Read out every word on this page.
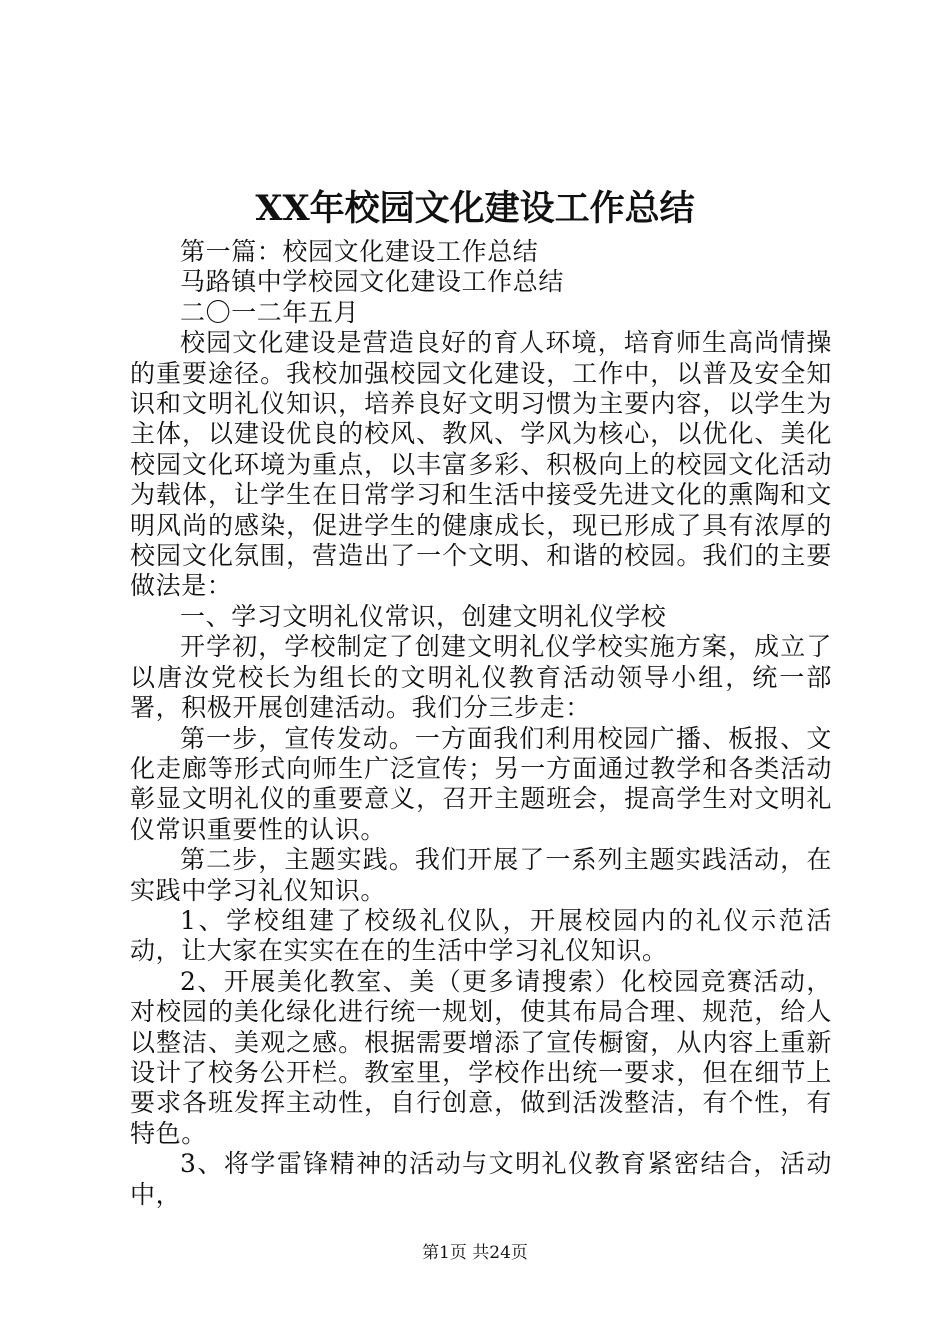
XX年校园文化建设工作总结

第一篇：校园文化建设工作总结

马路镇中学校园文化建设工作总结

二〇一二年五月

校园文化建设是营造良好的育人环境，培育师生高尚情操的重要途径。我校加强校园文化建设，工作中，以普及安全知识和文明礼仪知识，培养良好文明习惯为主要内容，以学生为主体，以建设优良的校风、教风、学风为核心，以优化、美化校园文化环境为重点，以丰富多彩、积极向上的校园文化活动为载体，让学生在日常学习和生活中接受先进文化的熏陶和文明风尚的感染，促进学生的健康成长，现已形成了具有浓厚的校园文化氛围，营造出了一个文明、和谐的校园。我们的主要做法是：

一、学习文明礼仪常识，创建文明礼仪学校

开学初，学校制定了创建文明礼仪学校实施方案，成立了以唐汝党校长为组长的文明礼仪教育活动领导小组，统一部署，积极开展创建活动。我们分三步走：

第一步，宣传发动。一方面我们利用校园广播、板报、文化走廊等形式向师生广泛宣传；另一方面通过教学和各类活动彰显文明礼仪的重要意义，召开主题班会，提高学生对文明礼仪常识重要性的认识。

第二步，主题实践。我们开展了一系列主题实践活动，在实践中学习礼仪知识。

1、学校组建了校级礼仪队，开展校园内的礼仪示范活动，让大家在实实在在的生活中学习礼仪知识。

2、开展美化教室、美（更多请搜索）化校园竞赛活动，对校园的美化绿化进行统一规划，使其布局合理、规范，给人以整洁、美观之感。根据需要增添了宣传橱窗，从内容上重新设计了校务公开栏。教室里，学校作出统一要求，但在细节上要求各班发挥主动性，自行创意，做到活泼整洁，有个性，有特色。

3、将学雷锋精神的活动与文明礼仪教育紧密结合，活动中，

第1页 共24页
